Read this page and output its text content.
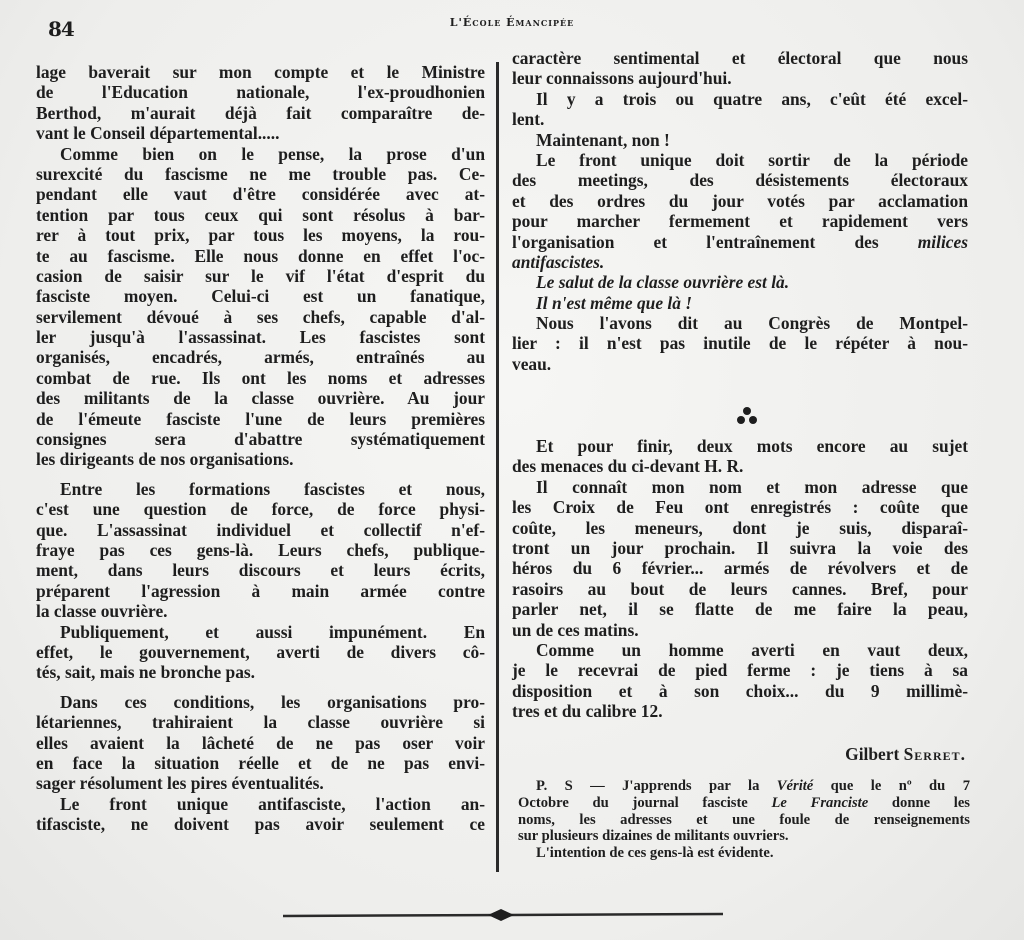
84	L'École Émancipée
lage baverait sur mon compte et le Ministre
de l'Education nationale, l'ex-proudhonien
Berthod, m'aurait déjà fait comparaître de-
vant le Conseil départemental.....
Comme bien on le pense, la prose d'un
surexcité du fascisme ne me trouble pas. Ce-
pendant elle vaut d'être considérée avec at-
tention par tous ceux qui sont résolus à bar-
rer à tout prix, par tous les moyens, la rou-
te au fascisme. Elle nous donne en effet l'oc-
casion de saisir sur le vif l'état d'esprit du
fasciste moyen. Celui-ci est un fanatique,
servilement dévoué à ses chefs, capable d'al-
ler jusqu'à l'assassinat. Les fascistes sont
organisés, encadrés, armés, entraînés au
combat de rue. Ils ont les noms et adresses
des militants de la classe ouvrière. Au jour
de l'émeute fasciste l'une de leurs premières
consignes sera d'abattre systématiquement
les dirigeants de nos organisations.
Entre les formations fascistes et nous,
c'est une question de force, de force physi-
que. L'assassinat individuel et collectif n'ef-
fraye pas ces gens-là. Leurs chefs, publique-
ment, dans leurs discours et leurs écrits,
préparent l'agression à main armée contre
la classe ouvrière.
Publiquement, et aussi impunément. En
effet, le gouvernement, averti de divers cô-
tés, sait, mais ne bronche pas.
Dans ces conditions, les organisations pro-
létariennes, trahiraient la classe ouvrière si
elles avaient la lâcheté de ne pas oser voir
en face la situation réelle et de ne pas envi-
sager résolument les pires éventualités.
Le front unique antifasciste, l'action an-
tifasciste, ne doivent pas avoir seulement ce
caractère sentimental et électoral que nous
leur connaissons aujourd'hui.
Il y a trois ou quatre ans, c'eût été excel-
lent.
Maintenant, non !
Le front unique doit sortir de la période
des meetings, des désistements électoraux
et des ordres du jour votés par acclamation
pour marcher fermement et rapidement vers
l'organisation et l'entraînement des milices
antifascistes.
Le salut de la classe ouvrière est là.
Il n'est même que là !
Nous l'avons dit au Congrès de Montpel-
lier : il n'est pas inutile de le répéter à nou-
veau.
Et pour finir, deux mots encore au sujet
des menaces du ci-devant H. R.
Il connaît mon nom et mon adresse que
les Croix de Feu ont enregistrés : coûte que
coûte, les meneurs, dont je suis, disparaî-
tront un jour prochain. Il suivra la voie des
héros du 6 février... armés de révolvers et de
rasoirs au bout de leurs cannes. Bref, pour
parler net, il se flatte de me faire la peau,
un de ces matins.
Comme un homme averti en vaut deux,
je le recevrai de pied ferme : je tiens à sa
disposition et à son choix... du 9 millimè-
tres et du calibre 12.
Gilbert Serret.
P. S — J'apprends par la Vérité que le nº du 7
Octobre du journal fasciste Le Franciste donne les
noms, les adresses et une foule de renseignements
sur plusieurs dizaines de militants ouvriers.
L'intention de ces gens-là est évidente.
